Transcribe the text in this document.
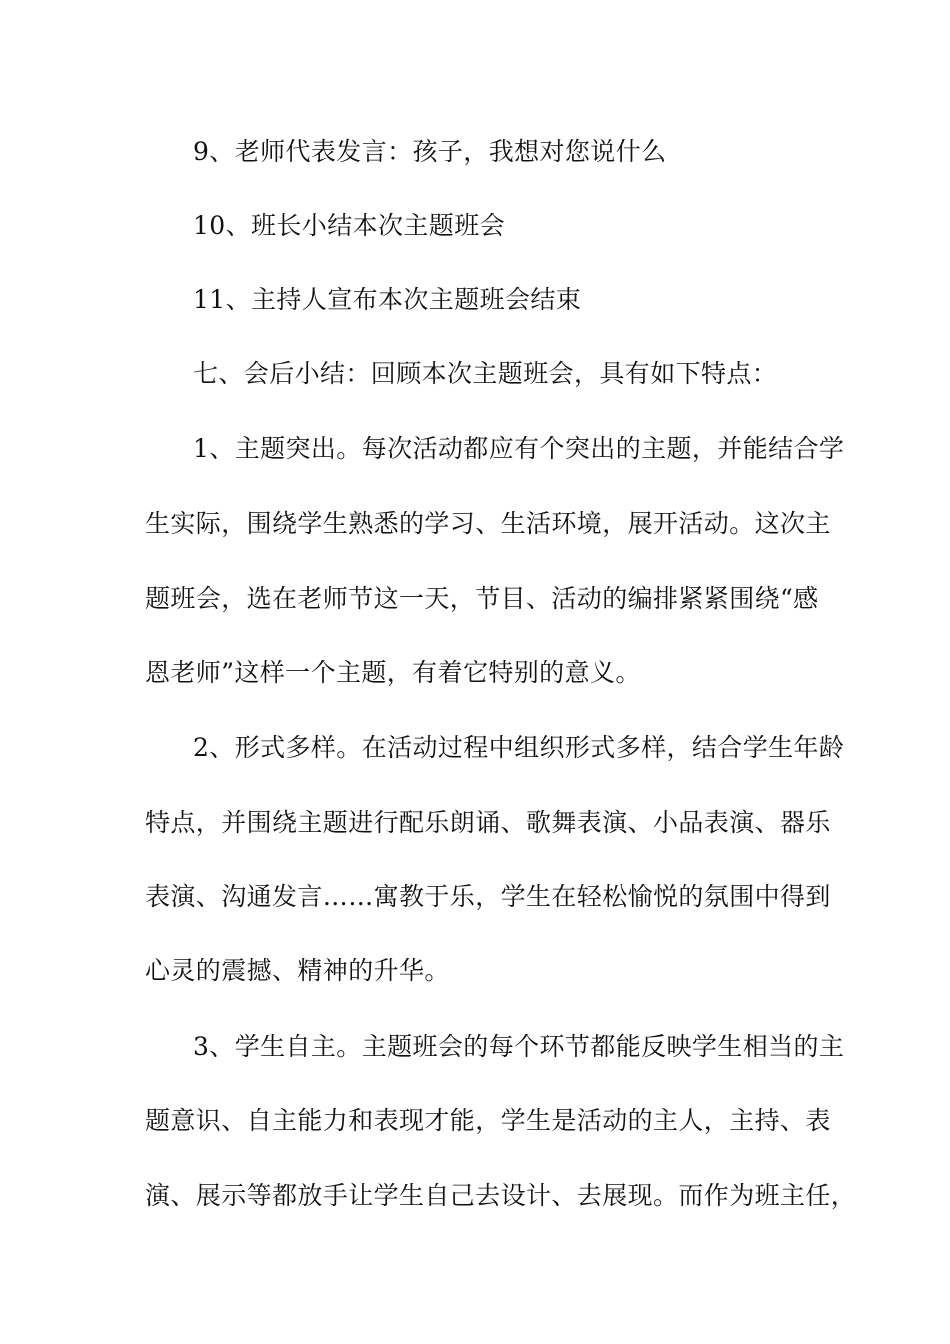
9、老师代表发言：孩子，我想对您说什么
10、班长小结本次主题班会
11、主持人宣布本次主题班会结束
七、会后小结：回顾本次主题班会，具有如下特点：
1、主题突出。每次活动都应有个突出的主题，并能结合学
生实际，围绕学生熟悉的学习、生活环境，展开活动。这次主
题班会，选在老师节这一天，节目、活动的编排紧紧围绕“感
恩老师”这样一个主题，有着它特别的意义。
2、形式多样。在活动过程中组织形式多样，结合学生年龄
特点，并围绕主题进行配乐朗诵、歌舞表演、小品表演、器乐
表演、沟通发言……寓教于乐，学生在轻松愉悦的氛围中得到
心灵的震撼、精神的升华。
3、学生自主。主题班会的每个环节都能反映学生相当的主
题意识、自主能力和表现才能，学生是活动的主人，主持、表
演、展示等都放手让学生自己去设计、去展现。而作为班主任，
